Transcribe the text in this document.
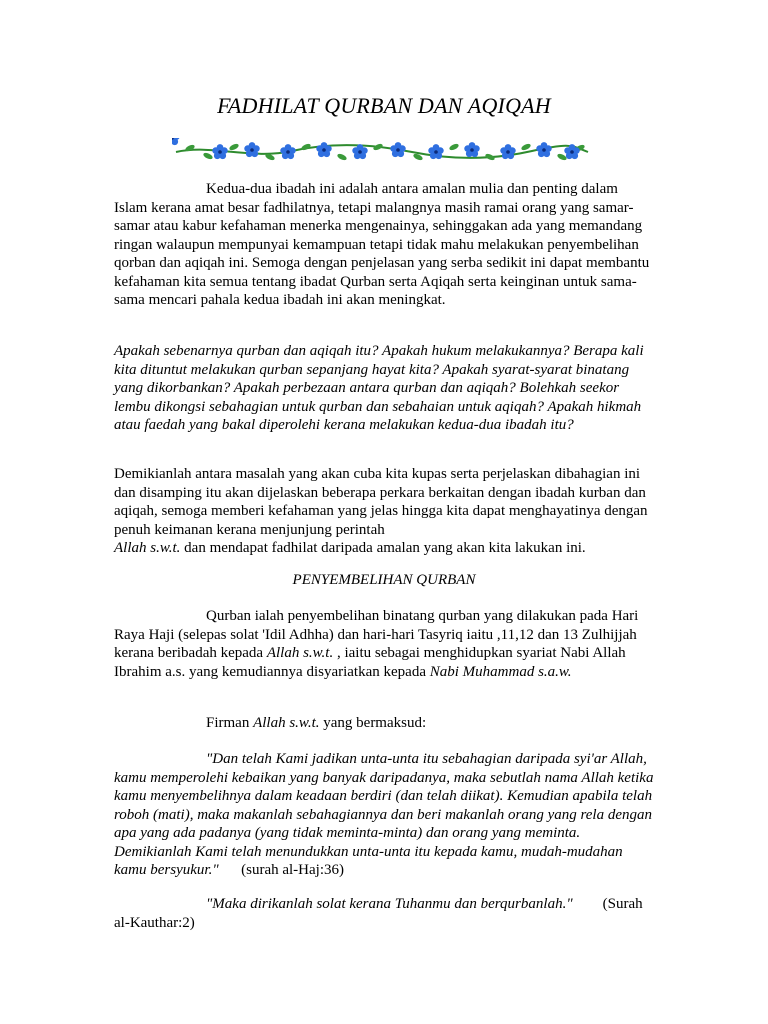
FADHILAT QURBAN DAN AQIQAH

Kedua-dua ibadah ini adalah antara amalan mulia dan penting dalam Islam kerana amat besar fadhilatnya, tetapi malangnya masih ramai orang yang samar-samar atau kabur kefahaman menerka mengenainya, sehinggakan ada yang memandang ringan walaupun mempunyai kemampuan tetapi tidak mahu melakukan penyembelihan qorban dan aqiqah ini. Semoga dengan penjelasan yang serba sedikit ini dapat membantu kefahaman kita semua tentang ibadat Qurban serta Aqiqah serta keinginan untuk sama-sama mencari pahala kedua ibadah ini akan meningkat.

Apakah sebenarnya qurban dan aqiqah itu? Apakah hukum melakukannya? Berapa kali kita dituntut melakukan qurban sepanjang hayat kita? Apakah syarat-syarat binatang yang dikorbankan? Apakah perbezaan antara qurban dan aqiqah? Bolehkah seekor lembu dikongsi sebahagian untuk qurban dan sebahaian untuk aqiqah? Apakah hikmah atau faedah yang bakal diperolehi kerana melakukan kedua-dua ibadah itu?

Demikianlah antara masalah yang akan cuba kita kupas serta perjelaskan dibahagian ini dan disamping itu akan dijelaskan beberapa perkara berkaitan dengan ibadah kurban dan aqiqah, semoga memberi kefahaman yang jelas hingga kita dapat menghayatinya dengan penuh keimanan kerana menjunjung perintah
Allah s.w.t. dan mendapat fadhilat daripada amalan yang akan kita lakukan ini.

PENYEMBELIHAN QURBAN

Qurban ialah penyembelihan binatang qurban yang dilakukan pada Hari Raya Haji (selepas solat 'Idil Adhha) dan hari-hari Tasyriq iaitu ,11,12 dan 13 Zulhijjah kerana beribadah kepada Allah s.w.t. , iaitu sebagai menghidupkan syariat Nabi Allah Ibrahim a.s. yang kemudiannya disyariatkan kepada Nabi Muhammad s.a.w.

Firman Allah s.w.t. yang bermaksud:

"Dan telah Kami jadikan unta-unta itu sebahagian daripada syi'ar Allah, kamu memperolehi kebaikan yang banyak daripadanya, maka sebutlah nama Allah ketika kamu menyembelihnya dalam keadaan berdiri (dan telah diikat). Kemudian apabila telah roboh (mati), maka makanlah sebahagiannya dan beri makanlah orang yang rela dengan apa yang ada padanya (yang tidak meminta-minta) dan orang yang meminta. Demikianlah Kami telah menundukkan unta-unta itu kepada kamu, mudah-mudahan kamu bersyukur." (surah al-Haj:36)

"Maka dirikanlah solat kerana Tuhanmu dan berqurbanlah." (Surah al-Kauthar:2)
